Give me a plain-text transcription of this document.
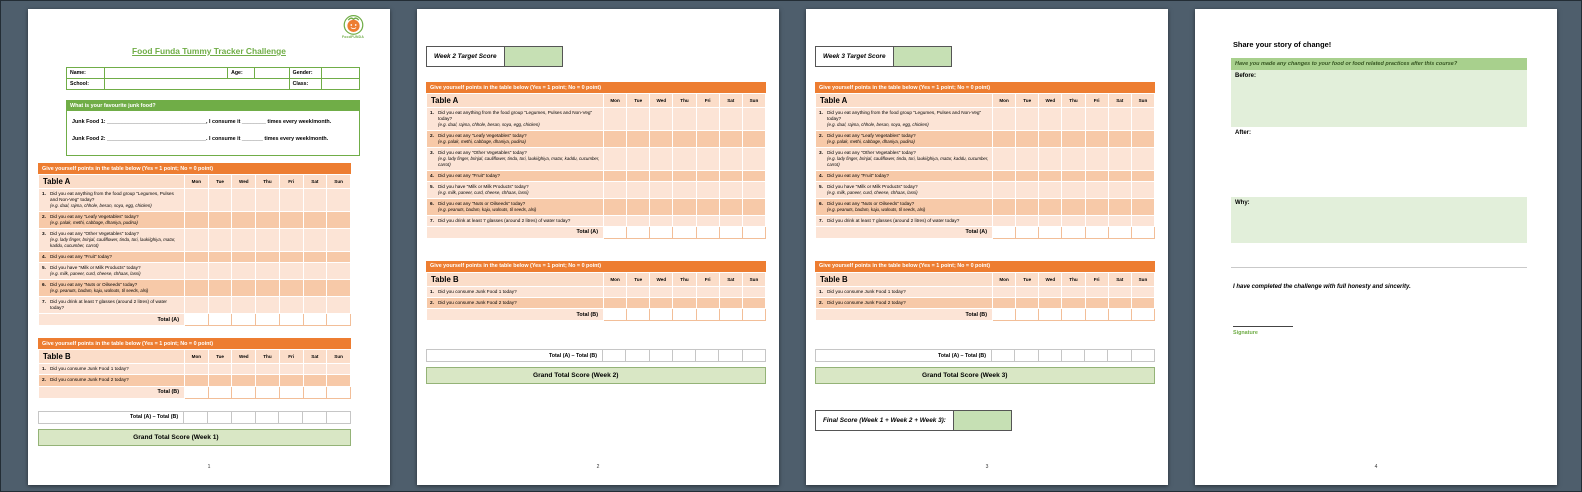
FoodFUNDA
Food Funda Tummy Tracker Challenge
Name:		Age:		Gender:	
School:				Class:	
What is your favourite junk food?
Junk Food 1: _________________________________, I consume it ________ times every week/month.
Junk Food 2: _________________________________. I consume it _______ times every week/month.
Give yourself points in the table below (Yes = 1 point; No = 0 point)
Table A	Mon	Tue	Wed	Thu	Fri	Sat	Sun

1. Did you eat anything from the food group "Legumes, Pulses and Non-Veg" today?
(e.g. daal, rajma, chhole, besan, soya, egg, chicken)							

2. Did you eat any "Leafy Vegetables" today?
(e.g. palak, methi, cabbage, dhaniya, pudina)							

3. Did you eat any "Other Vegetables" today?
(e.g. lady finger, brinjal, cauliflower, tinda, tori, lauki/ghiya, matar, kaddu, cucumber, carrot)							

4. Did you eat any "Fruit" today?							

5. Did you have "Milk or Milk Products" today?
(e.g. milk, paneer, curd, cheese, chhaas, lassi)							

6. Did you eat any "Nuts or Oilseeds" today?
(e.g. peanuts, badam, kaju, walnuts, til seeds, alsi)							

7. Did you drink at least 7 glasses (around 2 litres) of water today?							

Total (A)							
Give yourself points in the table below (Yes = 1 point; No = 0 point)
Table B	Mon	Tue	Wed	Thu	Fri	Sat	Sun

1. Did you consume Junk Food 1 today?							

2. Did you consume Junk Food 2 today?							

Total (B)							
Total (A) – Total (B)
Grand Total Score (Week 1)
1
Week 2 Target Score
Give yourself points in the table below (Yes = 1 point; No = 0 point)
Table A	Mon	Tue	Wed	Thu	Fri	Sat	Sun

1. Did you eat anything from the food group "Legumes, Pulses and Non-Veg" today?
(e.g. daal, rajma, chhole, besan, soya, egg, chicken)							

2. Did you eat any "Leafy Vegetables" today?
(e.g. palak, methi, cabbage, dhaniya, pudina)							

3. Did you eat any "Other Vegetables" today?
(e.g. lady finger, brinjal, cauliflower, tinda, tori, lauki/ghiya, matar, kaddu, cucumber, carrot)							

4. Did you eat any "Fruit" today?							

5. Did you have "Milk or Milk Products" today?
(e.g. milk, paneer, curd, cheese, chhaas, lassi)							

6. Did you eat any "Nuts or Oilseeds" today?
(e.g. peanuts, badam, kaju, walnuts, til seeds, alsi)							

7. Did you drink at least 7 glasses (around 2 litres) of water today?							

Total (A)							
Give yourself points in the table below (Yes = 1 point; No = 0 point)
Table B	Mon	Tue	Wed	Thu	Fri	Sat	Sun

1. Did you consume Junk Food 1 today?							

2. Did you consume Junk Food 2 today?							

Total (B)							
Total (A) – Total (B)
Grand Total Score (Week 2)
2
Week 3 Target Score
Give yourself points in the table below (Yes = 1 point; No = 0 point)
Table A	Mon	Tue	Wed	Thu	Fri	Sat	Sun

1. Did you eat anything from the food group "Legumes, Pulses and Non-Veg" today?
(e.g. daal, rajma, chhole, besan, soya, egg, chicken)							

2. Did you eat any "Leafy Vegetables" today?
(e.g. palak, methi, cabbage, dhaniya, pudina)							

3. Did you eat any "Other Vegetables" today?
(e.g. lady finger, brinjal, cauliflower, tinda, tori, lauki/ghiya, matar, kaddu, cucumber, carrot)							

4. Did you eat any "Fruit" today?							

5. Did you have "Milk or Milk Products" today?
(e.g. milk, paneer, curd, cheese, chhaas, lassi)							

6. Did you eat any "Nuts or Oilseeds" today?
(e.g. peanuts, badam, kaju, walnuts, til seeds, alsi)							

7. Did you drink at least 7 glasses (around 2 litres) of water today?							

Total (A)							
Give yourself points in the table below (Yes = 1 point; No = 0 point)
Table B	Mon	Tue	Wed	Thu	Fri	Sat	Sun

1. Did you consume Junk Food 1 today?							

2. Did you consume Junk Food 2 today?							

Total (B)							
Total (A) – Total (B)
Grand Total Score (Week 3)
Final Score (Week 1 + Week 2 + Week 3):
3
Share your story of change!
Have you made any changes to your food or food related practices after this course?
Before:
After:
Why:
I have completed the challenge with full honesty and sincerity.
Signature
4
